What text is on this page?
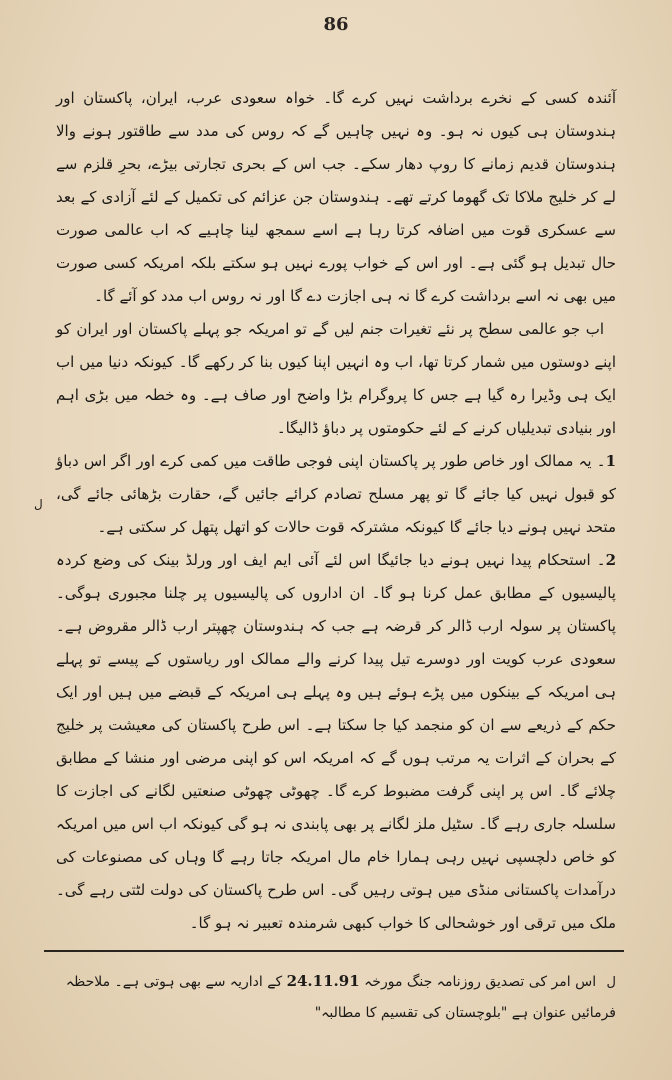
86

آئندہ کسی کے نخرے برداشت نہیں کرے گا۔ خواہ سعودی عرب، ایران، پاکستان اور ہندوستان ہی کیوں نہ ہو۔ وہ نہیں چاہیں گے کہ روس کی مدد سے طاقتور ہونے والا ہندوستان قدیم زمانے کا روپ دھار سکے۔ جب اس کے بحری تجارتی بیڑے، بحرِ قلزم سے لے کر خلیج ملاکا تک گھوما کرتے تھے۔ ہندوستان جن عزائم کی تکمیل کے لئے آزادی کے بعد سے عسکری قوت میں اضافہ کرتا رہا ہے اسے سمجھ لینا چاہیے کہ اب عالمی صورت حال تبدیل ہو گئی ہے۔ اور اس کے خواب پورے نہیں ہو سکتے بلکہ امریکہ کسی صورت میں بھی نہ اسے برداشت کرے گا نہ ہی اجازت دے گا اور نہ روس اب مدد کو آئے گا۔

اب جو عالمی سطح پر نئے تغیرات جنم لیں گے تو امریکہ جو پہلے پاکستان اور ایران کو اپنے دوستوں میں شمار کرتا تھا، اب وہ انہیں اپنا کیوں بنا کر رکھے گا۔ کیونکہ دنیا میں اب ایک ہی وڈیرا رہ گیا ہے جس کا پروگرام بڑا واضح اور صاف ہے۔ وہ خطہ میں بڑی اہم اور بنیادی تبدیلیاں کرنے کے لئے حکومتوں پر دباؤ ڈالیگا۔

1۔ یہ ممالک اور خاص طور پر پاکستان اپنی فوجی طاقت میں کمی کرے اور اگر اس دباؤ کو قبول نہیں کیا جائے گا تو پھر مسلح تصادم کرائے جائیں گے، حقارت بڑھائی جائے گی، متحد نہیں ہونے دیا جائے گا کیونکہ مشترکہ قوت حالات کو اتھل پتھل کر سکتی ہے۔

2۔ استحکام پیدا نہیں ہونے دیا جائیگا اس لئے آئی ایم ایف اور ورلڈ بینک کی وضع کردہ پالیسیوں کے مطابق عمل کرنا ہو گا۔ ان اداروں کی پالیسیوں پر چلنا مجبوری ہوگی۔ پاکستان پر سولہ ارب ڈالر کر قرضہ ہے جب کہ ہندوستان چھپتر ارب ڈالر مقروض ہے۔ سعودی عرب کویت اور دوسرے تیل پیدا کرنے والے ممالک اور ریاستوں کے پیسے تو پہلے ہی امریکہ کے بینکوں میں پڑے ہوئے ہیں وہ پہلے ہی امریکہ کے قبضے میں ہیں اور ایک حکم کے ذریعے سے ان کو منجمد کیا جا سکتا ہے۔ اس طرح پاکستان کی معیشت پر خلیج کے بحران کے اثرات یہ مرتب ہوں گے کہ امریکہ اس کو اپنی مرضی اور منشا کے مطابق چلائے گا۔ اس پر اپنی گرفت مضبوط کرے گا۔ چھوٹی چھوٹی صنعتیں لگانے کی اجازت کا سلسلہ جاری رہے گا۔ سٹیل ملز لگانے پر بھی پابندی نہ ہو گی کیونکہ اب اس میں امریکہ کو خاص دلچسپی نہیں رہی ہمارا خام مال امریکہ جاتا رہے گا وہاں کی مصنوعات کی درآمدات پاکستانی منڈی میں ہوتی رہیں گی۔ اس طرح پاکستان کی دولت لٹتی رہے گی۔ ملک میں ترقی اور خوشحالی کا خواب کبھی شرمندہ تعبیر نہ ہو گا۔

ل
ل اس امر کی تصدیق روزنامہ جنگ مورخہ 24.11.91 کے اداریہ سے بھی ہوتی ہے۔ ملاحظہ
فرمائیں عنوان ہے "بلوچستان کی تقسیم کا مطالبہ"
